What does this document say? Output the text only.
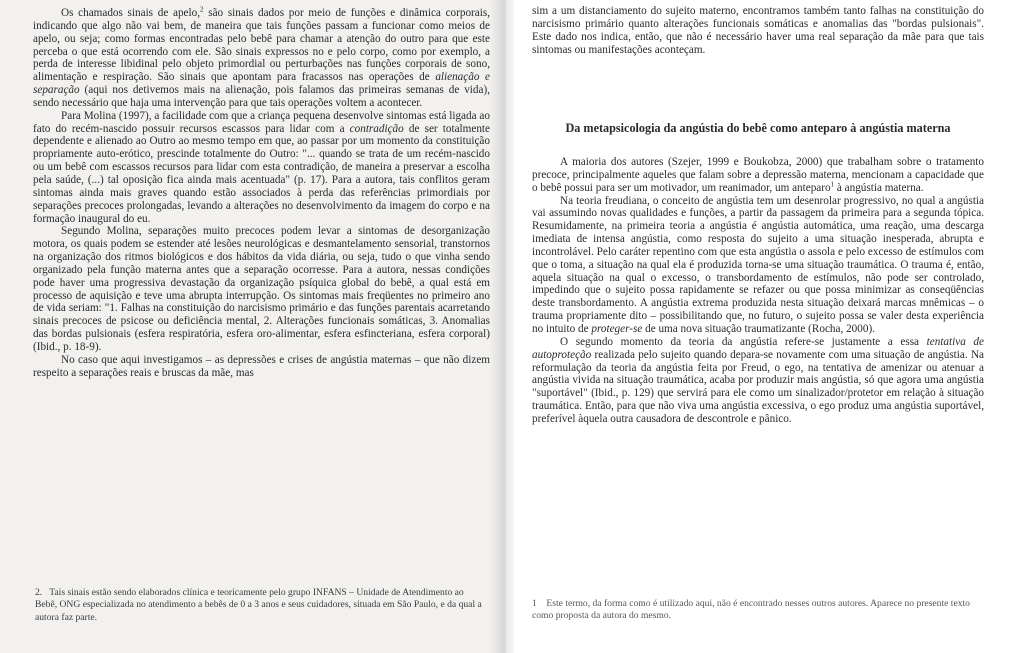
Os chamados sinais de apelo,$^2$ são sinais dados por meio de funções e dinâmica corporais, indicando que algo não vai bem, de maneira que tais funções passam a funcionar como meios de apelo, ou seja; como formas encontradas pelo bebê para chamar a atenção do outro para que este perceba o que está ocorrendo com ele. São sinais expressos no e pelo corpo, como por exemplo, a perda de interesse libidinal pelo objeto primordial ou perturbações nas funções corporais de sono, alimentação e respiração. São sinais que apontam para fracassos nas operações de alienação e separação (aqui nos detivemos mais na alienação, pois falamos das primeiras semanas de vida), sendo necessário que haja uma intervenção para que tais operações voltem a acontecer.

Para Molina (1997), a facilidade com que a criança pequena desenvolve sintomas está ligada ao fato do recém-nascido possuir recursos escassos para lidar com a contradição de ser totalmente dependente e alienado ao Outro ao mesmo tempo em que, ao passar por um momento da constituição propriamente auto-erótico, prescinde totalmente do Outro: "... quando se trata de um recém-nascido ou um bebê com escassos recursos para lidar com esta contradição, de maneira a preservar a escolha pela saúde, (...) tal oposição fica ainda mais acentuada" (p. 17). Para a autora, tais conflitos geram sintomas ainda mais graves quando estão associados à perda das referências primordiais por separações precoces prolongadas, levando a alterações no desenvolvimento da imagem do corpo e na formação inaugural do eu.

Segundo Molina, separações muito precoces podem levar a sintomas de desorganização motora, os quais podem se estender até lesões neurológicas e desmantelamento sensorial, transtornos na organização dos ritmos biológicos e dos hábitos da vida diária, ou seja, tudo o que vinha sendo organizado pela função materna antes que a separação ocorresse. Para a autora, nessas condições pode haver uma progressiva devastação da organização psíquica global do bebê, a qual está em processo de aquisição e teve uma abrupta interrupção. Os sintomas mais freqüentes no primeiro ano de vida seriam: "1. Falhas na constituição do narcisismo primário e das funções parentais acarretando sinais precoces de psicose ou deficiência mental, 2. Alterações funcionais somáticas, 3. Anomalias das bordas pulsionais (esfera respiratória, esfera oro-alimentar, esfera esfincteriana, esfera corporal) (Ibid., p. 18-9).

No caso que aqui investigamos – as depressões e crises de angústia maternas – que não dizem respeito a separações reais e bruscas da mãe, mas

2. Tais sinais estão sendo elaborados clínica e teoricamente pelo grupo INFANS – Unidade de Atendimento ao Bebê, ONG especializada no atendimento a bebês de 0 a 3 anos e seus cuidadores, situada em São Paulo, e da qual a autora faz parte.

sim a um distanciamento do sujeito materno, encontramos também tanto falhas na constituição do narcisismo primário quanto alterações funcionais somáticas e anomalias das "bordas pulsionais". Este dado nos indica, então, que não é necessário haver uma real separação da mãe para que tais sintomas ou manifestações aconteçam.

Da metapsicologia da angústia do bebê como anteparo à angústia materna

A maioria dos autores (Szejer, 1999 e Boukobza, 2000) que trabalham sobre o tratamento precoce, principalmente aqueles que falam sobre a depressão materna, mencionam a capacidade que o bebê possui para ser um motivador, um reanimador, um anteparo$^1$ à angústia materna.

Na teoria freudiana, o conceito de angústia tem um desenrolar progressivo, no qual a angústia vai assumindo novas qualidades e funções, a partir da passagem da primeira para a segunda tópica. Resumidamente, na primeira teoria a angústia é angústia automática, uma reação, uma descarga imediata de intensa angústia, como resposta do sujeito a uma situação inesperada, abrupta e incontrolável. Pelo caráter repentino com que esta angústia o assola e pelo excesso de estímulos com que o toma, a situação na qual ela é produzida torna-se uma situação traumática. O trauma é, então, aquela situação na qual o excesso, o transbordamento de estímulos, não pode ser controlado, impedindo que o sujeito possa rapidamente se refazer ou que possa minimizar as conseqüências deste transbordamento. A angústia extrema produzida nesta situação deixará marcas mnêmicas – o trauma propriamente dito – possibilitando que, no futuro, o sujeito possa se valer desta experiência no intuito de proteger-se de uma nova situação traumatizante (Rocha, 2000).

O segundo momento da teoria da angústia refere-se justamente a essa tentativa de autoproteção realizada pelo sujeito quando depara-se novamente com uma situação de angústia. Na reformulação da teoria da angústia feita por Freud, o ego, na tentativa de amenizar ou atenuar a angústia vivida na situação traumática, acaba por produzir mais angústia, só que agora uma angústia "suportável" (Ibid., p. 129) que servirá para ele como um sinalizador/protetor em relação à situação traumática. Então, para que não viva uma angústia excessiva, o ego produz uma angústia suportável, preferível àquela outra causadora de descontrole e pânico.

1 Este termo, da forma como é utilizado aqui, não é encontrado nesses outros autores. Aparece no presente texto como proposta da autora do mesmo.
